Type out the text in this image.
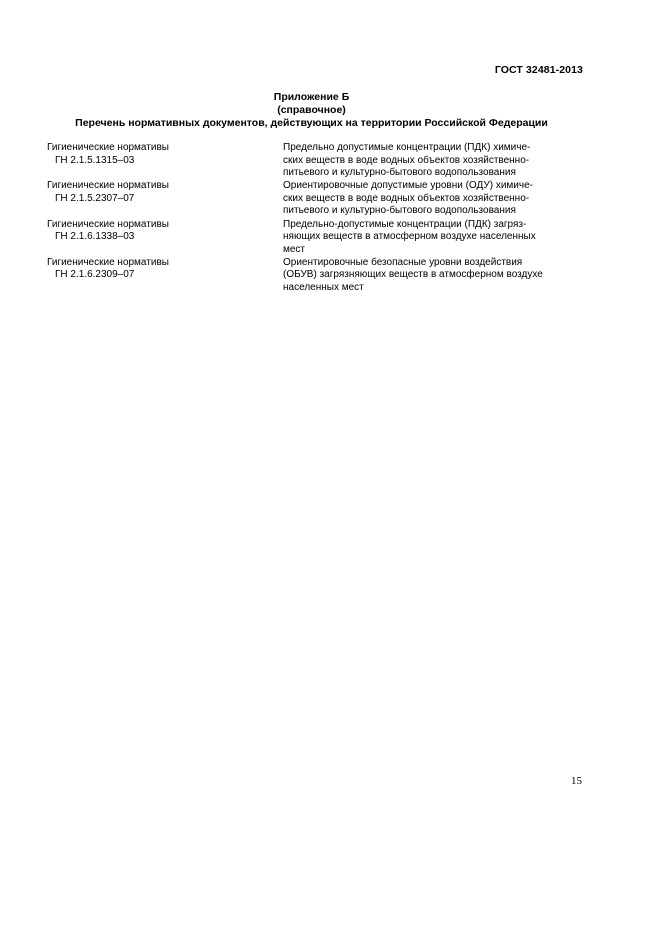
ГОСТ 32481-2013
Приложение Б
(справочное)
Перечень нормативных документов, действующих на территории Российской Федерации
Гигиенические нормативы
ГН 2.1.5.1315–03
Предельно допустимые концентрации (ПДК) химиче-
ских веществ в воде водных объектов хозяйственно-
питьевого и культурно-бытового водопользования
Гигиенические нормативы
ГН 2.1.5.2307–07
Ориентировочные допустимые уровни (ОДУ) химиче-
ских веществ в воде водных объектов хозяйственно-
питьевого и культурно-бытового водопользования
Гигиенические нормативы
ГН 2.1.6.1338–03
Предельно-допустимые концентрации (ПДК) загряз-
няющих веществ в атмосферном воздухе населенных
мест
Гигиенические нормативы
ГН 2.1.6.2309–07
Ориентировочные безопасные уровни воздействия
(ОБУВ) загрязняющих веществ в атмосферном воздухе
населенных мест
15
